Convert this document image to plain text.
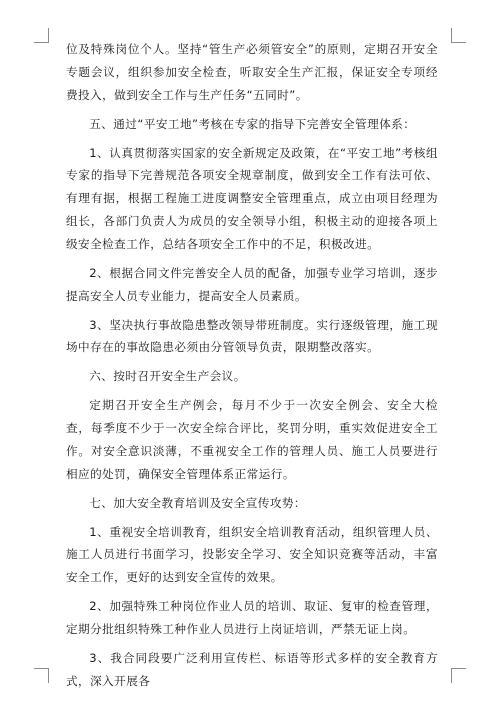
位及特殊岗位个人。坚持“管生产必须管安全”的原则，定期召开安全专题会议，组织参加安全检查，听取安全生产汇报，保证安全专项经费投入，做到安全工作与生产任务“五同时”。

五、通过“平安工地”考核在专家的指导下完善安全管理体系：

1、认真贯彻落实国家的安全新规定及政策，在“平安工地”考核组专家的指导下完善规范各项安全规章制度，做到安全工作有法可依、有理有据，根据工程施工进度调整安全管理重点，成立由项目经理为组长，各部门负责人为成员的安全领导小组，积极主动的迎接各项上级安全检查工作，总结各项安全工作中的不足，积极改进。

2、根据合同文件完善安全人员的配备，加强专业学习培训，逐步提高安全人员专业能力，提高安全人员素质。

3、坚决执行事故隐患整改领导带班制度。实行逐级管理，施工现场中存在的事故隐患必须由分管领导负责，限期整改落实。

六、按时召开安全生产会议。

定期召开安全生产例会，每月不少于一次安全例会、安全大检查，每季度不少于一次安全综合评比，奖罚分明，重实效促进安全工作。对安全意识淡薄，不重视安全工作的管理人员、施工人员要进行相应的处罚，确保安全管理体系正常运行。

七、加大安全教育培训及安全宣传攻势：

1、重视安全培训教育，组织安全培训教育活动，组织管理人员、施工人员进行书面学习，投影安全学习、安全知识竞赛等活动，丰富安全工作，更好的达到安全宣传的效果。

2、加强特殊工种岗位作业人员的培训、取证、复审的检查管理，定期分批组织特殊工种作业人员进行上岗证培训，严禁无证上岗。

3、我合同段要广泛利用宣传栏、标语等形式多样的安全教育方式，深入开展各
